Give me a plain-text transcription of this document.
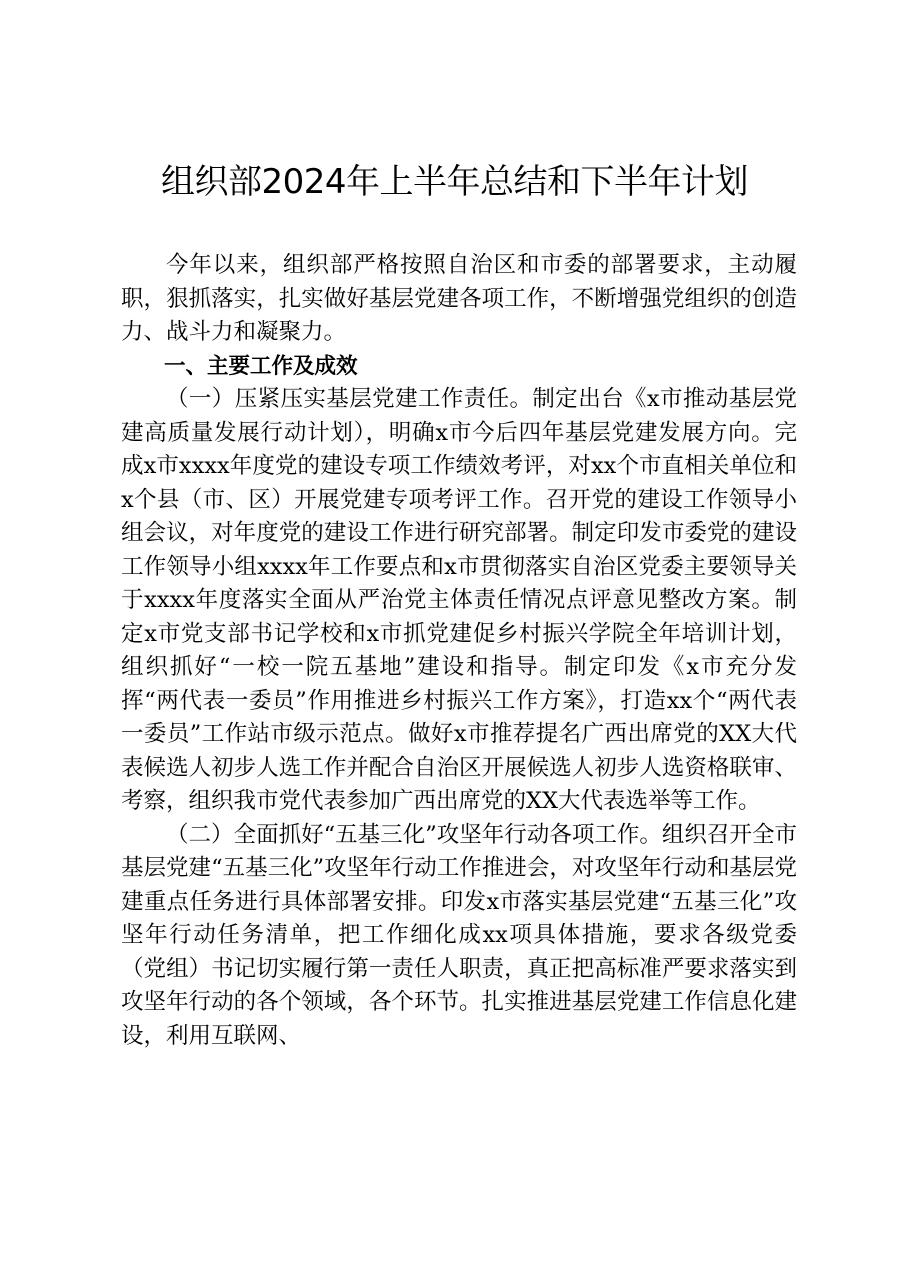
组织部2024年上半年总结和下半年计划

今年以来，组织部严格按照自治区和市委的部署要求，主动履职，狠抓落实，扎实做好基层党建各项工作，不断增强党组织的创造力、战斗力和凝聚力。

一、主要工作及成效

（一）压紧压实基层党建工作责任。制定出台《x市推动基层党建高质量发展行动计划），明确x市今后四年基层党建发展方向。完成x市xxxx年度党的建设专项工作绩效考评，对xx个市直相关单位和x个县（市、区）开展党建专项考评工作。召开党的建设工作领导小组会议，对年度党的建设工作进行研究部署。制定印发市委党的建设工作领导小组xxxx年工作要点和x市贯彻落实自治区党委主要领导关于xxxx年度落实全面从严治党主体责任情况点评意见整改方案。制定x市党支部书记学校和x市抓党建促乡村振兴学院全年培训计划，组织抓好“一校一院五基地”建设和指导。制定印发《x市充分发挥“两代表一委员”作用推进乡村振兴工作方案》，打造xx个“两代表一委员”工作站市级示范点。做好x市推荐提名广西出席党的XX大代表候选人初步人选工作并配合自治区开展候选人初步人选资格联审、考察，组织我市党代表参加广西出席党的XX大代表选举等工作。

（二）全面抓好“五基三化”攻坚年行动各项工作。组织召开全市基层党建“五基三化”攻坚年行动工作推进会，对攻坚年行动和基层党建重点任务进行具体部署安排。印发x市落实基层党建“五基三化”攻坚年行动任务清单，把工作细化成xx项具体措施，要求各级党委（党组）书记切实履行第一责任人职责，真正把高标准严要求落实到攻坚年行动的各个领域，各个环节。扎实推进基层党建工作信息化建设，利用互联网、
